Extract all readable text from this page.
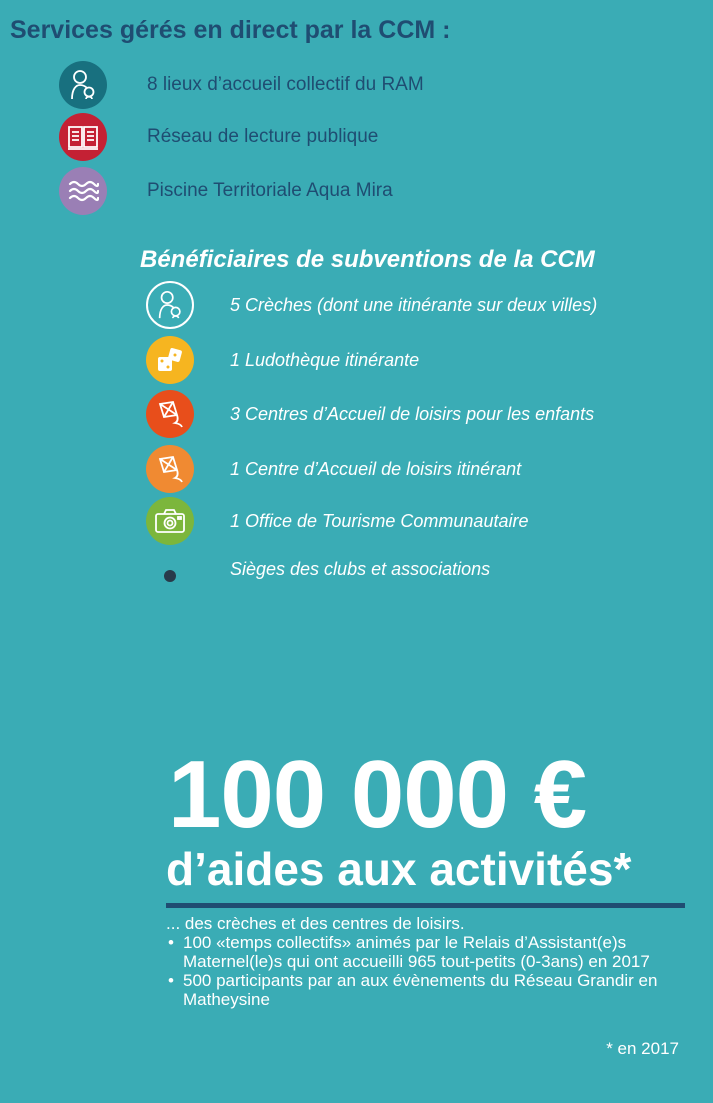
Services gérés en direct par la CCM :
8 lieux d’accueil collectif du RAM
Réseau de lecture publique
Piscine Territoriale Aqua Mira
Bénéficiaires de subventions de la CCM
5 Crèches (dont une itinérante sur deux villes)
1 Ludothèque itinérante
3 Centres d’Accueil de loisirs pour les enfants
1 Centre d’Accueil de loisirs itinérant
1 Office de Tourisme Communautaire
Sièges des clubs et associations
100 000 €
d’aides aux activités*

... des crèches et des centres de loisirs.

• 100 «temps collectifs» animés par le Relais d’Assistant(e)s Maternel(le)s qui ont accueilli 965 tout-petits (0-3ans) en 2017
• 500 participants par an aux évènements du Réseau Grandir en Matheysine
* en 2017
